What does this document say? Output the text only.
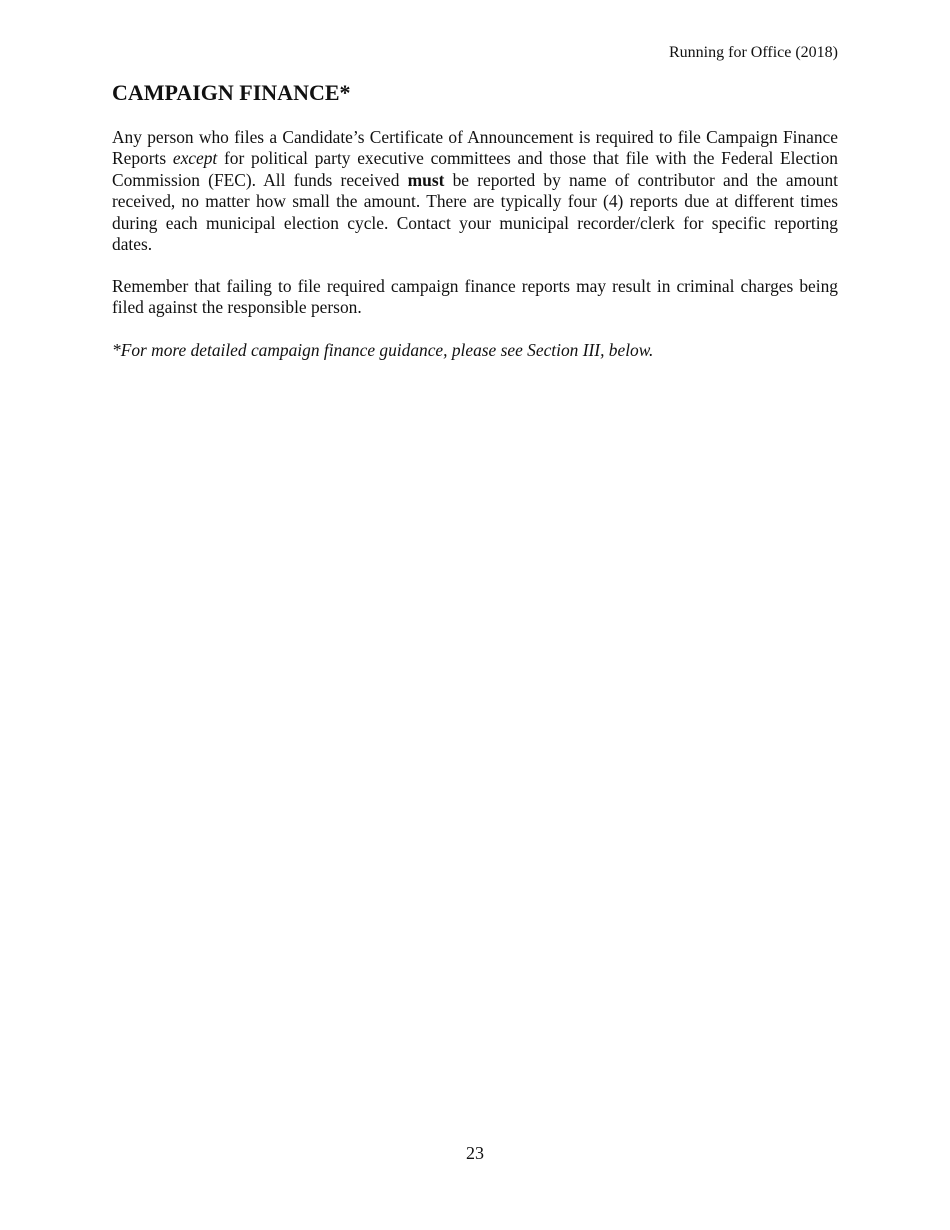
Running for Office (2018)
CAMPAIGN FINANCE*

Any person who files a Candidate’s Certificate of Announcement is required to file Campaign Finance Reports except for political party executive committees and those that file with the Federal Election Commission (FEC). All funds received must be reported by name of contributor and the amount received, no matter how small the amount. There are typically four (4) reports due at different times during each municipal election cycle. Contact your municipal recorder/clerk for specific reporting dates.

Remember that failing to file required campaign finance reports may result in criminal charges being filed against the responsible person.

*For more detailed campaign finance guidance, please see Section III, below.

23
